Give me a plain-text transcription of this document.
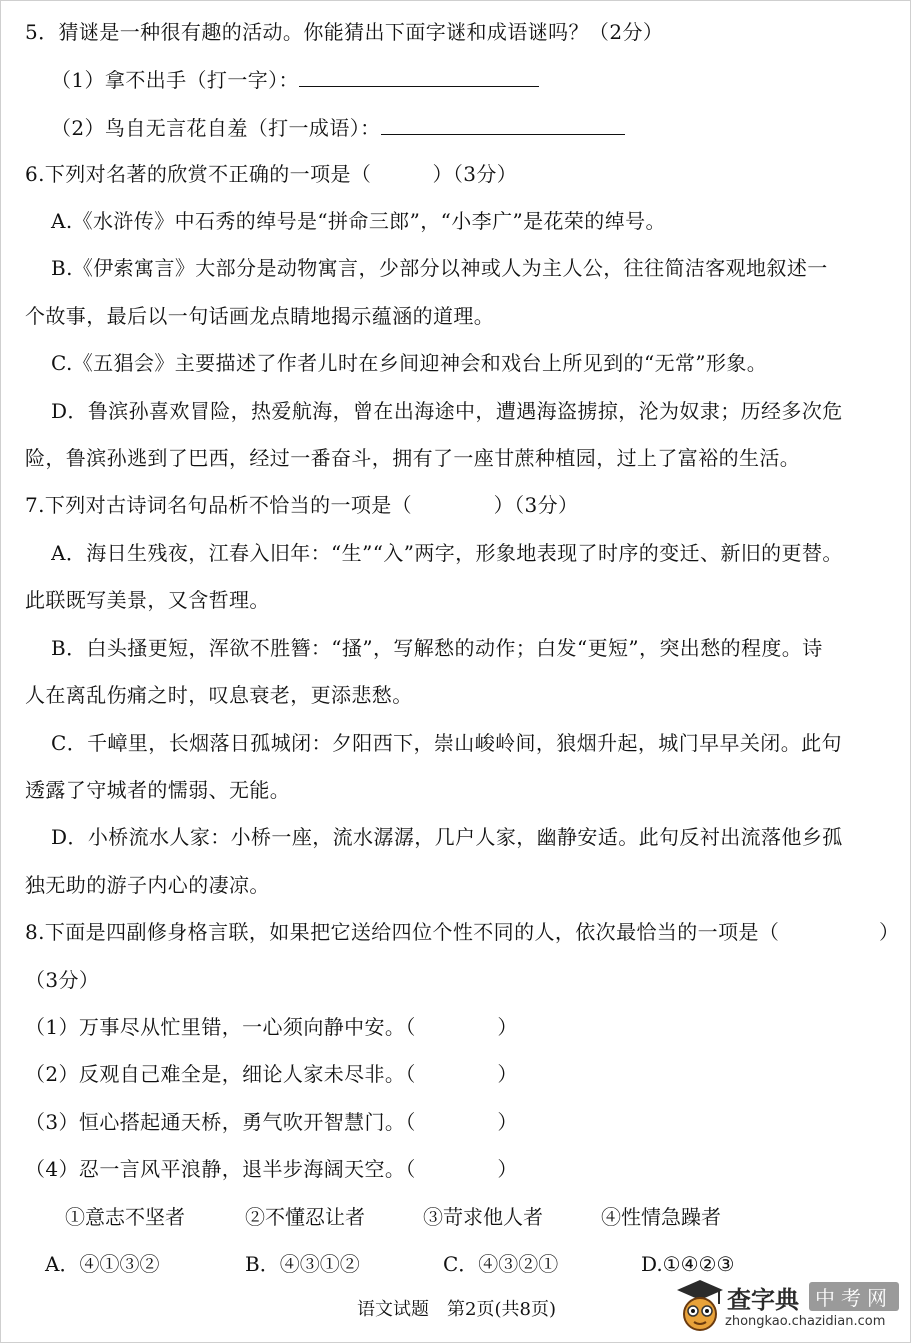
5．猜谜是一种很有趣的活动。你能猜出下面字谜和成语谜吗？（2分）
（1）拿不出手（打一字）：
（2）鸟自无言花自羞（打一成语）：
6.下列对名著的欣赏不正确的一项是（　　　）（3分）
A.《水浒传》中石秀的绰号是“拼命三郎”，“小李广”是花荣的绰号。
B.《伊索寓言》大部分是动物寓言，少部分以神或人为主人公，往往简洁客观地叙述一
个故事，最后以一句话画龙点睛地揭示蕴涵的道理。
C.《五猖会》主要描述了作者儿时在乡间迎神会和戏台上所见到的“无常”形象。
D．鲁滨孙喜欢冒险，热爱航海，曾在出海途中，遭遇海盗掳掠，沦为奴隶；历经多次危
险，鲁滨孙逃到了巴西，经过一番奋斗，拥有了一座甘蔗种植园，过上了富裕的生活。
7.下列对古诗词名句品析不恰当的一项是（　　　　）（3分）
A．海日生残夜，江春入旧年：“生”“入”两字，形象地表现了时序的变迁、新旧的更替。
此联既写美景，又含哲理。
B．白头搔更短，浑欲不胜簪：“搔”，写解愁的动作；白发“更短”，突出愁的程度。诗
人在离乱伤痛之时，叹息衰老，更添悲愁。
C．千嶂里，长烟落日孤城闭：夕阳西下，崇山峻岭间，狼烟升起，城门早早关闭。此句
透露了守城者的懦弱、无能。
D．小桥流水人家：小桥一座，流水潺潺，几户人家，幽静安适。此句反衬出流落他乡孤
独无助的游子内心的凄凉。
8.下面是四副修身格言联，如果把它送给四位个性不同的人，依次最恰当的一项是（	）
（3分）
（1）万事尽从忙里错，一心须向静中安。（　　　　）
（2）反观自己难全是，细论人家未尽非。（　　　　）
（3）恒心搭起通天桥，勇气吹开智慧门。（　　　　）
（4）忍一言风平浪静，退半步海阔天空。（　　　　）
①意志不坚者	②不懂忍让者	③苛求他人者	④性情急躁者
A．④①③②	B．④③①②	C．④③②①	D.①④②③
语文试题　第2页(共8页)	查字典 中考网
zhongkao.chazidian.com
